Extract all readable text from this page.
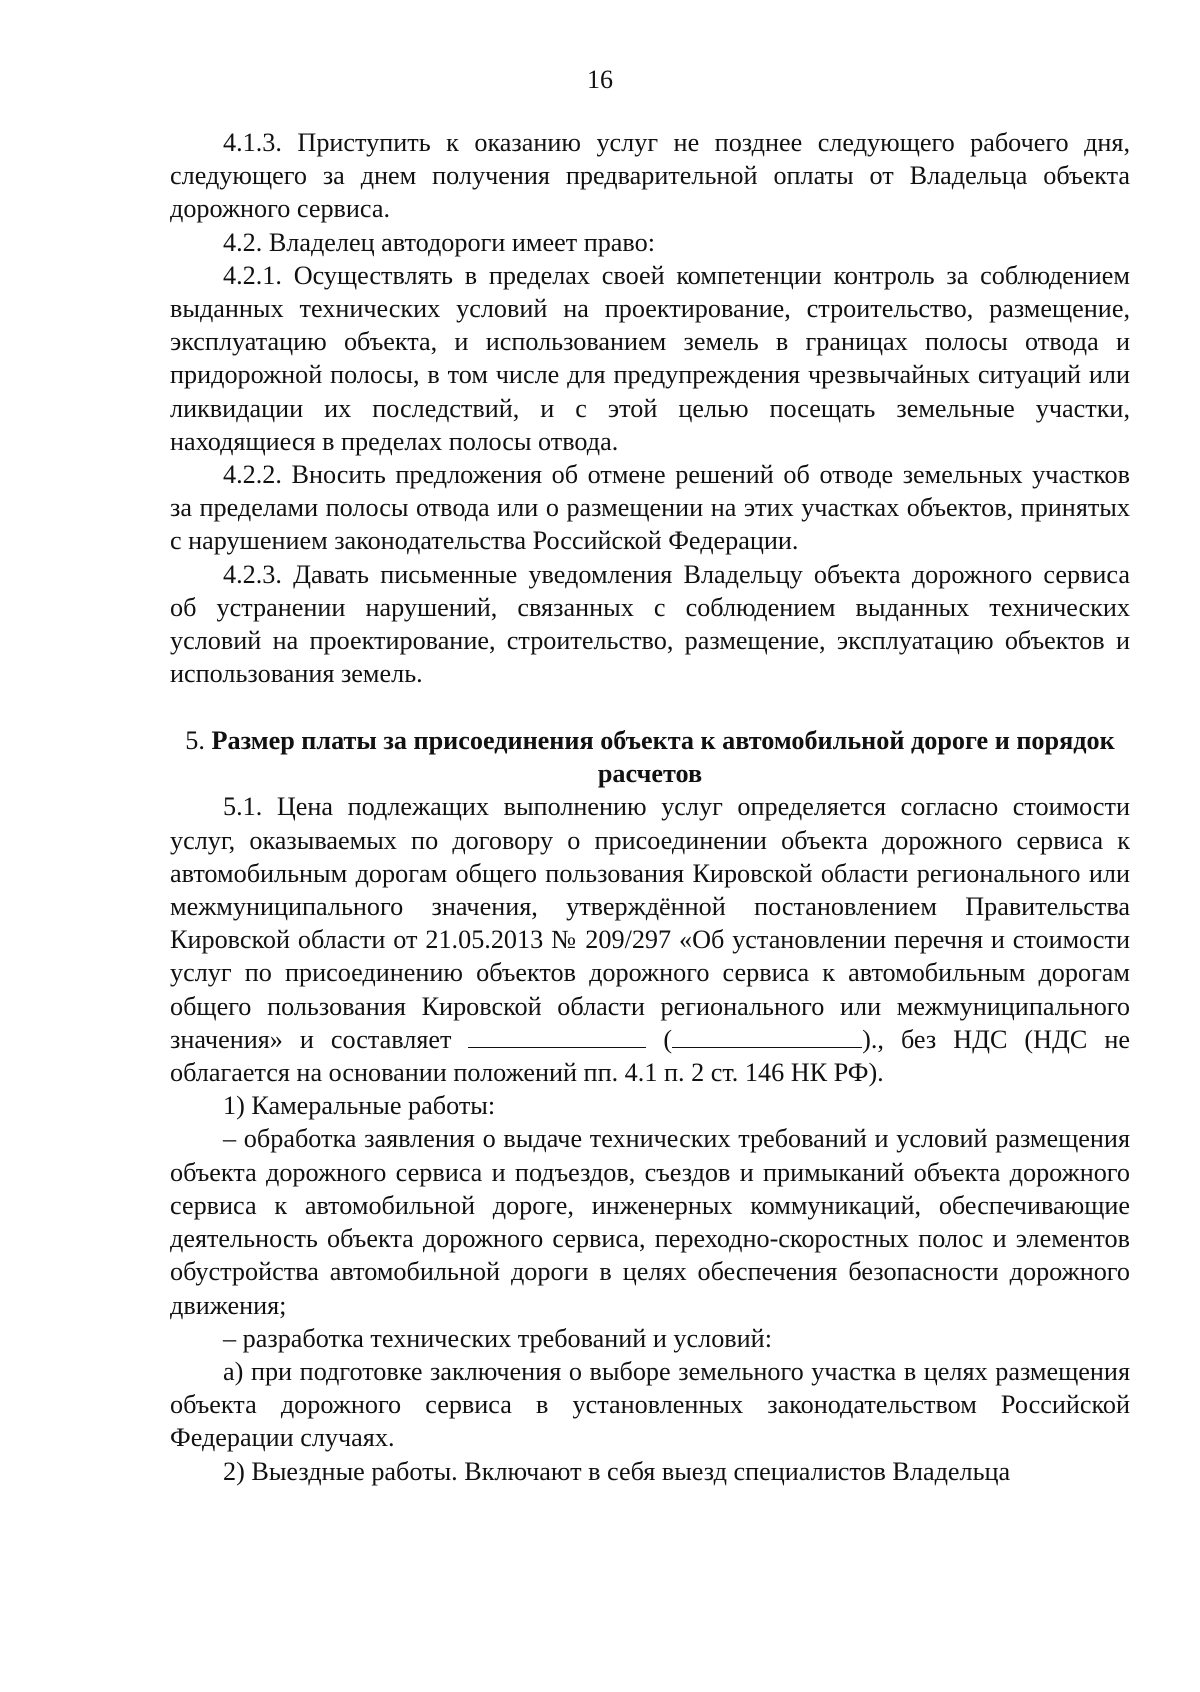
16

4.1.3. Приступить к оказанию услуг не позднее следующего рабочего дня, следующего за днем получения предварительной оплаты от Владельца объекта дорожного сервиса.

4.2. Владелец автодороги имеет право:

4.2.1. Осуществлять в пределах своей компетенции контроль за соблюдением выданных технических условий на проектирование, строительство, размещение, эксплуатацию объекта, и использованием земель в границах полосы отвода и придорожной полосы, в том числе для предупреждения чрезвычайных ситуаций или ликвидации их последствий, и с этой целью посещать земельные участки, находящиеся в пределах полосы отвода.

4.2.2. Вносить предложения об отмене решений об отводе земельных участков за пределами полосы отвода или о размещении на этих участках объектов, принятых с нарушением законодательства Российской Федерации.

4.2.3. Давать письменные уведомления Владельцу объекта дорожного сервиса об устранении нарушений, связанных с соблюдением выданных технических условий на проектирование, строительство, размещение, эксплуатацию объектов и использования земель.

5. Размер платы за присоединения объекта к автомобильной дороге и порядок расчетов

5.1. Цена подлежащих выполнению услуг определяется согласно стоимости услуг, оказываемых по договору о присоединении объекта дорожного сервиса к автомобильным дорогам общего пользования Кировской области регионального или межмуниципального значения, утверждённой постановлением Правительства Кировской области от 21.05.2013 № 209/297 «Об установлении перечня и стоимости услуг по присоединению объектов дорожного сервиса к автомобильным дорогам общего пользования Кировской области регионального или межмуниципального значения» и составляет	(	)., без НДС (НДС не облагается на основании положений пп. 4.1 п. 2 ст. 146 НК РФ).

1) Камеральные работы:

– обработка заявления о выдаче технических требований и условий размещения объекта дорожного сервиса и подъездов, съездов и примыканий объекта дорожного сервиса к автомобильной дороге, инженерных коммуникаций, обеспечивающие деятельность объекта дорожного сервиса, переходно-скоростных полос и элементов обустройства автомобильной дороги в целях обеспечения безопасности дорожного движения;

– разработка технических требований и условий:

а) при подготовке заключения о выборе земельного участка в целях размещения объекта дорожного сервиса в установленных законодательством Российской Федерации случаях.

2) Выездные работы. Включают в себя выезд специалистов Владельца
